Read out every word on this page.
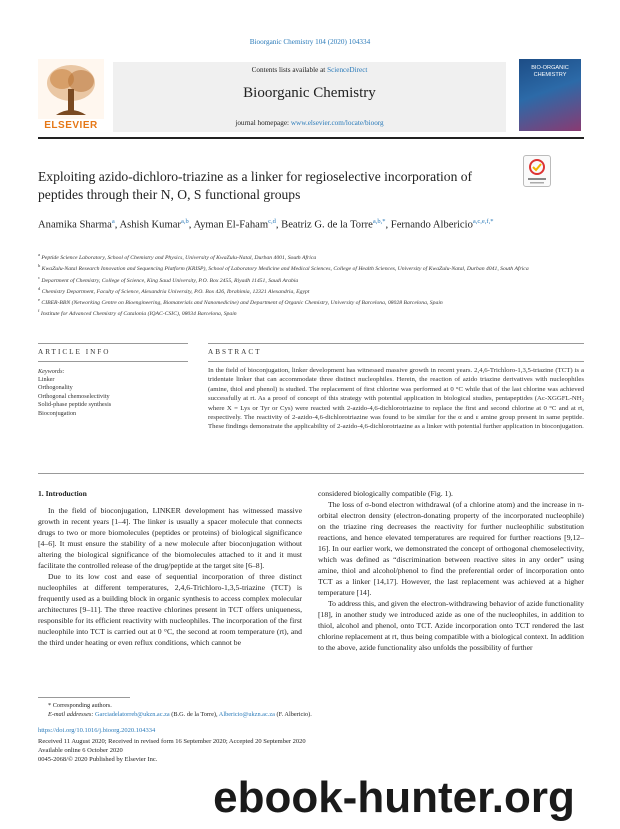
Bioorganic Chemistry 104 (2020) 104334
ELSEVIER
Contents lists available at ScienceDirect
Bioorganic Chemistry
journal homepage: www.elsevier.com/locate/bioorg
BIO-ORGANIC CHEMISTRY
Exploiting azido-dichloro-triazine as a linker for regioselective incorporation of peptides through their N, O, S functional groups
Anamika Sharma$^a$, Ashish Kumar$^{a,b}$, Ayman El-Faham$^{c,d}$, Beatriz G. de la Torre$^{a,b,*}$, Fernando Albericio$^{a,c,e,f,*}$
$^a$ Peptide Science Laboratory, School of Chemistry and Physics, University of KwaZulu-Natal, Durban 4001, South Africa
$^b$ KwaZulu-Natal Research Innovation and Sequencing Platform (KRISP), School of Laboratory Medicine and Medical Sciences, College of Health Sciences, University of KwaZulu-Natal, Durban 4041, South Africa
$^c$ Department of Chemistry, College of Science, King Saud University, P.O. Box 2455, Riyadh 11451, Saudi Arabia
$^d$ Chemistry Department, Faculty of Science, Alexandria University, P.O. Box 426, Ibrahimia, 12321 Alexandria, Egypt
$^e$ CIBER-BBN (Networking Centre on Bioengineering, Biomaterials and Nanomedicine) and Department of Organic Chemistry, University of Barcelona, 08028 Barcelona, Spain
$^f$ Institute for Advanced Chemistry of Catalonia (IQAC-CSIC), 08034 Barcelona, Spain
ARTICLE INFO	ABSTRACT
Keywords:
Linker
Orthogonality
Orthogonal chemoselectivity
Solid-phase peptide synthesis
Bioconjugation
In the field of bioconjugation, linker development has witnessed massive growth in recent years. 2,4,6-Trichloro-1,3,5-triazine (TCT) is a tridentate linker that can accommodate three distinct nucleophiles. Herein, the reaction of azido triazine derivatives with nucleophiles (amine, thiol and phenol) is studied. The replacement of first chlorine was performed at 0 °C while that of the last chlorine was achieved successfully at rt. As a proof of concept of this strategy with potential application in biological studies, pentapeptides (Ac-XGGFL-NH₂ where X = Lys or Tyr or Cys) were reacted with 2-azido-4,6-dichlorotriazine to replace the first and second chlorine at 0 °C and at rt, respectively. The reactivity of 2-azido-4,6-dichlorotriazine was found to be similar for the α and ε amine group present in same peptide. These findings demonstrate the applicability of 2-azido-4,6-dichlorotriazine as a linker with potential further application in bioconjugation.
1. Introduction

In the field of bioconjugation, LINKER development has witnessed massive growth in recent years [1–4]. The linker is usually a spacer molecule that connects drugs to two or more biomolecules (peptides or proteins) of biological significance [4–6]. It must ensure the stability of a new molecule after bioconjugation without altering the biological significance of the biomolecules attached to it and it must facilitate the controlled release of the drug/peptide at the target site [6–8].

Due to its low cost and ease of sequential incorporation of three distinct nucleophiles at different temperatures, 2,4,6-Trichloro-1,3,5-triazine (TCT) is frequently used as a building block in organic synthesis to access complex molecular architectures [9–11]. The three reactive chlorines present in TCT offers uniqueness, responsible for its efficient reactivity with nucleophiles. The incorporation of the first nucleophile into TCT is carried out at 0 °C, the second at room temperature (rt), and the third under heating or even reflux conditions, which cannot be

considered biologically compatible (Fig. 1).

The loss of σ-bond electron withdrawal (of a chlorine atom) and the increase in π-orbital electron density (electron-donating property of the incorporated nucleophile) on the triazine ring decreases the reactivity for further nucleophilic substitution reactions, and hence elevated temperatures are required for further reactions [9,12–16]. In our earlier work, we demonstrated the concept of orthogonal chemoselectivity, which was defined as “discrimination between reactive sites in any order” using amine, thiol and alcohol/phenol to find the preferential order of incorporation onto TCT as a linker [14,17]. However, the last replacement was achieved at a higher temperature [14].

To address this, and given the electron-withdrawing behavior of azide functionality [18], in another study we introduced azide as one of the nucleophiles, in addition to thiol, alcohol and phenol, onto TCT. Azide incorporation onto TCT rendered the last chlorine replacement at rt, thus being compatible with a biological context. In addition to the above, azide functionality also unfolds the possibility of further

* Corresponding authors.
E-mail addresses: Garciadelatorreb@ukzn.ac.za (B.G. de la Torre), Albericio@ukzn.ac.za (F. Albericio).
https://doi.org/10.1016/j.bioorg.2020.104334
Received 11 August 2020; Received in revised form 16 September 2020; Accepted 20 September 2020
Available online 6 October 2020
0045-2068/© 2020 Published by Elsevier Inc.
ebook-hunter.org
